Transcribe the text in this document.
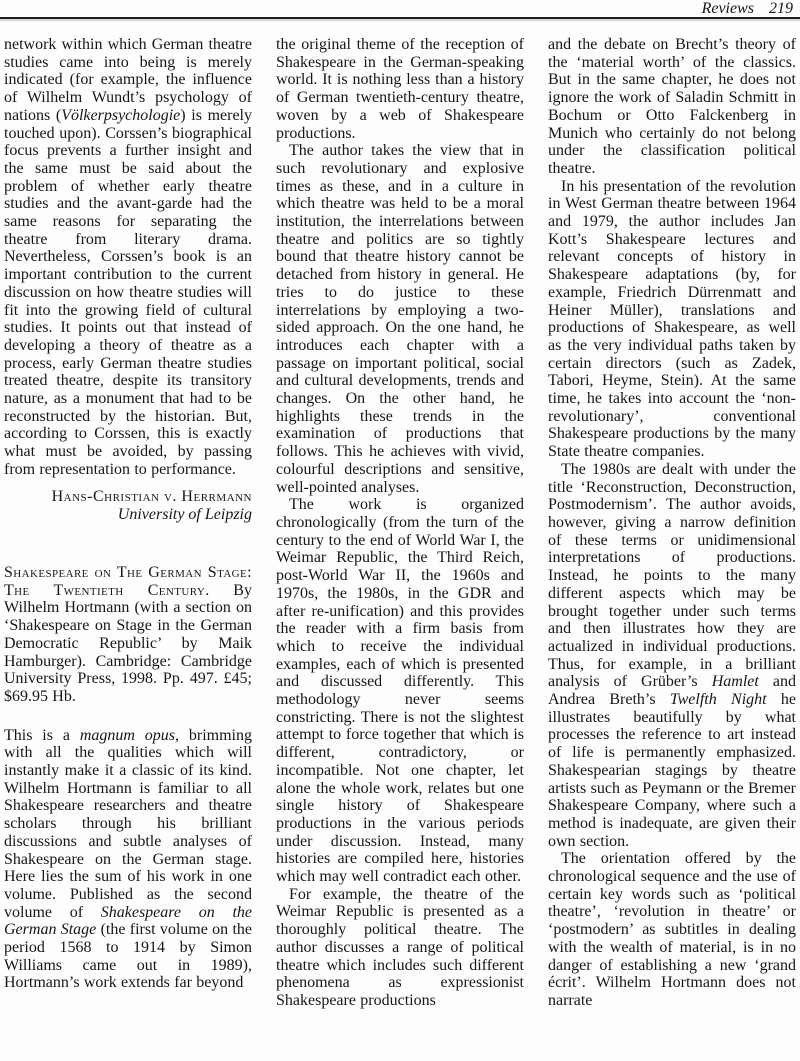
Reviews 219

network within which German theatre studies came into being is merely indicated (for example, the influence of Wilhelm Wundt’s psychology of nations (Völkerpsychologie) is merely touched upon). Corssen’s biographical focus prevents a further insight and the same must be said about the problem of whether early theatre studies and the avant-garde had the same reasons for separating the theatre from literary drama. Nevertheless, Corssen’s book is an important contribution to the current discussion on how theatre studies will fit into the growing field of cultural studies. It points out that instead of developing a theory of theatre as a process, early German theatre studies treated theatre, despite its transitory nature, as a monument that had to be reconstructed by the historian. But, according to Corssen, this is exactly what must be avoided, by passing from representation to performance.

Hans-Christian v. Herrmann
University of Leipzig

Shakespeare on The German Stage: The Twentieth Century. By Wilhelm Hortmann (with a section on ‘Shakespeare on Stage in the German Democratic Republic’ by Maik Hamburger). Cambridge: Cambridge University Press, 1998. Pp. 497. £45; $69.95 Hb.

This is a magnum opus, brimming with all the qualities which will instantly make it a classic of its kind. Wilhelm Hortmann is familiar to all Shakespeare researchers and theatre scholars through his brilliant discussions and subtle analyses of Shakespeare on the German stage. Here lies the sum of his work in one volume. Published as the second volume of Shakespeare on the German Stage (the first volume on the period 1568 to 1914 by Simon Williams came out in 1989), Hortmann’s work extends far beyond

the original theme of the reception of Shakespeare in the German-speaking world. It is nothing less than a history of German twentieth-century theatre, woven by a web of Shakespeare productions.

The author takes the view that in such revolutionary and explosive times as these, and in a culture in which theatre was held to be a moral institution, the interrelations between theatre and politics are so tightly bound that theatre history cannot be detached from history in general. He tries to do justice to these interrelations by employing a two-sided approach. On the one hand, he introduces each chapter with a passage on important political, social and cultural developments, trends and changes. On the other hand, he highlights these trends in the examination of productions that follows. This he achieves with vivid, colourful descriptions and sensitive, well-pointed analyses.

The work is organized chronologically (from the turn of the century to the end of World War I, the Weimar Republic, the Third Reich, post-World War II, the 1960s and 1970s, the 1980s, in the GDR and after re-unification) and this provides the reader with a firm basis from which to receive the individual examples, each of which is presented and discussed differently. This methodology never seems constricting. There is not the slightest attempt to force together that which is different, contradictory, or incompatible. Not one chapter, let alone the whole work, relates but one single history of Shakespeare productions in the various periods under discussion. Instead, many histories are compiled here, histories which may well contradict each other.

For example, the theatre of the Weimar Republic is presented as a thoroughly political theatre. The author discusses a range of political theatre which includes such different phenomena as expressionist Shakespeare productions

and the debate on Brecht’s theory of the ‘material worth’ of the classics. But in the same chapter, he does not ignore the work of Saladin Schmitt in Bochum or Otto Falckenberg in Munich who certainly do not belong under the classification political theatre.

In his presentation of the revolution in West German theatre between 1964 and 1979, the author includes Jan Kott’s Shakespeare lectures and relevant concepts of history in Shakespeare adaptations (by, for example, Friedrich Dürrenmatt and Heiner Müller), translations and productions of Shakespeare, as well as the very individual paths taken by certain directors (such as Zadek, Tabori, Heyme, Stein). At the same time, he takes into account the ‘non-revolutionary’, conventional Shakespeare productions by the many State theatre companies.

The 1980s are dealt with under the title ‘Reconstruction, Deconstruction, Postmodernism’. The author avoids, however, giving a narrow definition of these terms or unidimensional interpretations of productions. Instead, he points to the many different aspects which may be brought together under such terms and then illustrates how they are actualized in individual productions. Thus, for example, in a brilliant analysis of Grüber’s Hamlet and Andrea Breth’s Twelfth Night he illustrates beautifully by what processes the reference to art instead of life is permanently emphasized. Shakespearian stagings by theatre artists such as Peymann or the Bremer Shakespeare Company, where such a method is inadequate, are given their own section.

The orientation offered by the chronological sequence and the use of certain key words such as ‘political theatre’, ‘revolution in theatre’ or ‘postmodern’ as subtitles in dealing with the wealth of material, is in no danger of establishing a new ‘grand écrit’. Wilhelm Hortmann does not narrate
